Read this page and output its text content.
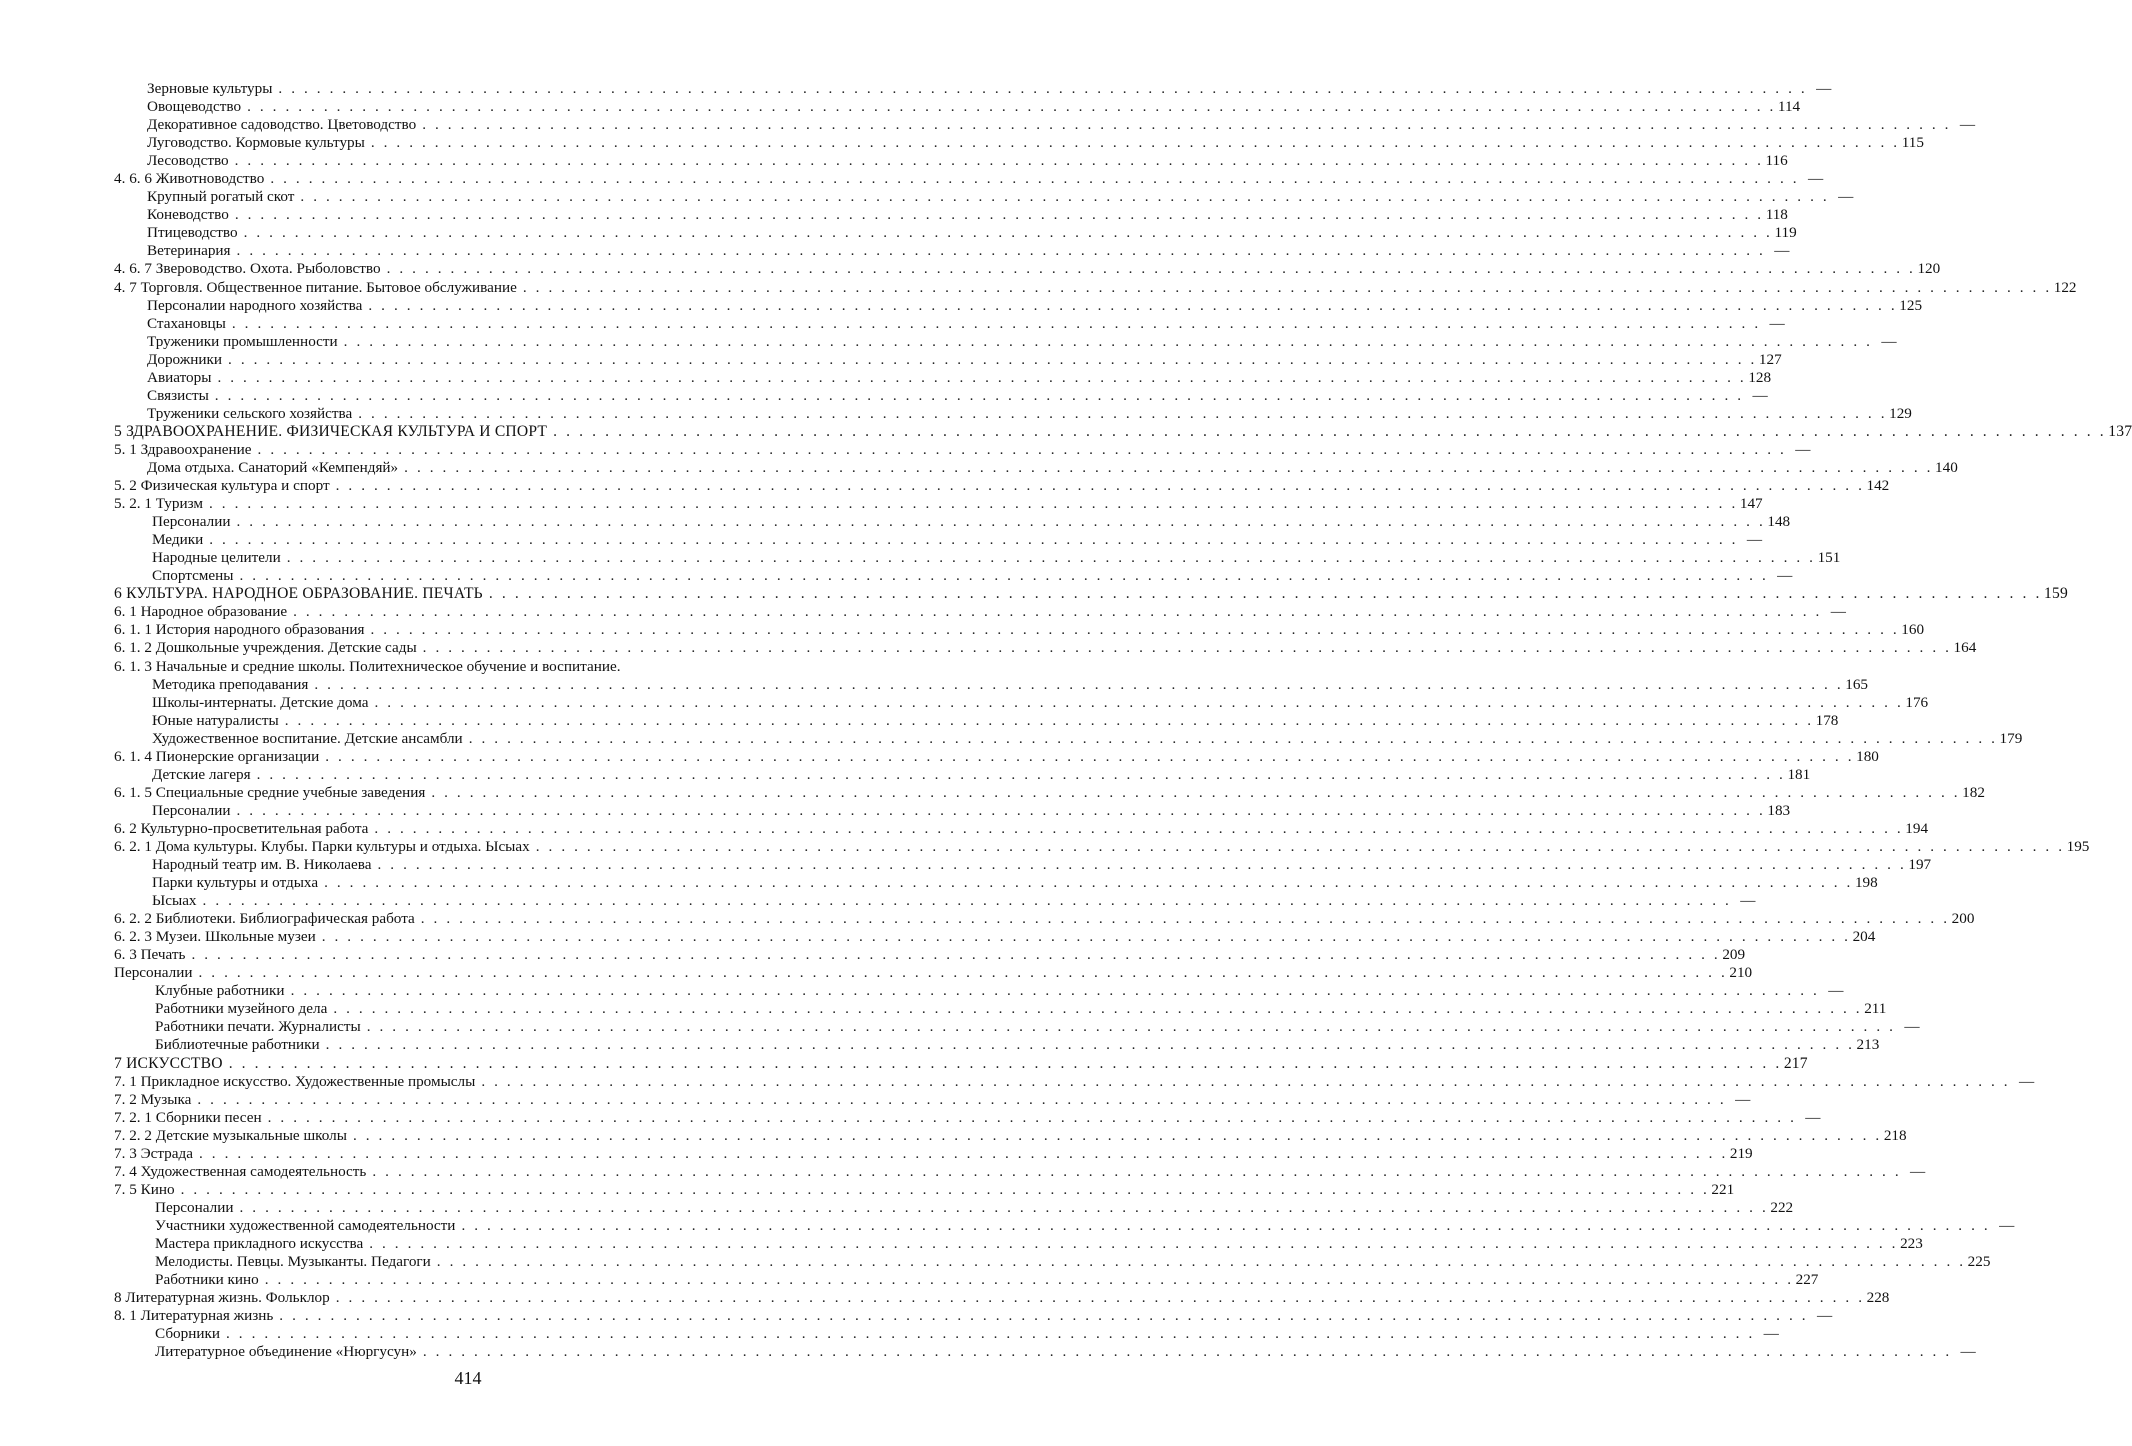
Зерновые культуры . . . . . . . . . . . . . . . . . . . . . . . . . . . . . . . . . . . . . . . . . . . . . . . . . . . . . . . . . . . . . . . . . . . . . . . . . . . . . . . . . . . . . . . . . . . . . . . . . . . . . . . . . . . . . . . . . . . . . . . . —
Овощеводство . . . . . . . . . . . . . . . . . . . . . . . . . . . . . . . . . . . . . . . . . . . . . . . . . . . . . . . . . . . . . . . . . . . . . . . . . . . . . . . . . . . . . . . . . . . . . . . . . . . . . . . . . . . . . . . . . . . . . . . . 114
Декоративное садоводство. Цветоводство . . . . . . . . . . . . . . . . . . . . . . . . . . . . . . . . . . . . . . . . . . . . . . . . . . . . . . . . . . . . . . . . . . . . . . . . . . . . . . . . . . . . . . . . . . . . . . . . . . . . . . . . . . . . . . . . . . . . . . . . —
Луговодство. Кормовые культуры . . . . . . . . . . . . . . . . . . . . . . . . . . . . . . . . . . . . . . . . . . . . . . . . . . . . . . . . . . . . . . . . . . . . . . . . . . . . . . . . . . . . . . . . . . . . . . . . . . . . . . . . . . . . . . . . . . . . . . . . 115
Лесоводство . . . . . . . . . . . . . . . . . . . . . . . . . . . . . . . . . . . . . . . . . . . . . . . . . . . . . . . . . . . . . . . . . . . . . . . . . . . . . . . . . . . . . . . . . . . . . . . . . . . . . . . . . . . . . . . . . . . . . . . . 116
4. 6. 6 Животноводство . . . . . . . . . . . . . . . . . . . . . . . . . . . . . . . . . . . . . . . . . . . . . . . . . . . . . . . . . . . . . . . . . . . . . . . . . . . . . . . . . . . . . . . . . . . . . . . . . . . . . . . . . . . . . . . . . . . . . . . . —
Крупный рогатый скот . . . . . . . . . . . . . . . . . . . . . . . . . . . . . . . . . . . . . . . . . . . . . . . . . . . . . . . . . . . . . . . . . . . . . . . . . . . . . . . . . . . . . . . . . . . . . . . . . . . . . . . . . . . . . . . . . . . . . . . . —
Коневодство . . . . . . . . . . . . . . . . . . . . . . . . . . . . . . . . . . . . . . . . . . . . . . . . . . . . . . . . . . . . . . . . . . . . . . . . . . . . . . . . . . . . . . . . . . . . . . . . . . . . . . . . . . . . . . . . . . . . . . . . 118
Птицеводство . . . . . . . . . . . . . . . . . . . . . . . . . . . . . . . . . . . . . . . . . . . . . . . . . . . . . . . . . . . . . . . . . . . . . . . . . . . . . . . . . . . . . . . . . . . . . . . . . . . . . . . . . . . . . . . . . . . . . . . . 119
Ветеринария . . . . . . . . . . . . . . . . . . . . . . . . . . . . . . . . . . . . . . . . . . . . . . . . . . . . . . . . . . . . . . . . . . . . . . . . . . . . . . . . . . . . . . . . . . . . . . . . . . . . . . . . . . . . . . . . . . . . . . . . —
4. 6. 7 Звероводство. Охота. Рыболовство . . . . . . . . . . . . . . . . . . . . . . . . . . . . . . . . . . . . . . . . . . . . . . . . . . . . . . . . . . . . . . . . . . . . . . . . . . . . . . . . . . . . . . . . . . . . . . . . . . . . . . . . . . . . . . . . . . . . . . . . 120
4. 7 Торговля. Общественное питание. Бытовое обслуживание . . . . . . . . . . . . . . . . . . . . . . . . . . . . . . . . . . . . . . . . . . . . . . . . . . . . . . . . . . . . . . . . . . . . . . . . . . . . . . . . . . . . . . . . . . . . . . . . . . . . . . . . . . . . . . . . . . . . . . . . 122
Персоналии народного хозяйства . . . . . . . . . . . . . . . . . . . . . . . . . . . . . . . . . . . . . . . . . . . . . . . . . . . . . . . . . . . . . . . . . . . . . . . . . . . . . . . . . . . . . . . . . . . . . . . . . . . . . . . . . . . . . . . . . . . . . . . . 125
Стахановцы . . . . . . . . . . . . . . . . . . . . . . . . . . . . . . . . . . . . . . . . . . . . . . . . . . . . . . . . . . . . . . . . . . . . . . . . . . . . . . . . . . . . . . . . . . . . . . . . . . . . . . . . . . . . . . . . . . . . . . . . —
Труженики промышленности . . . . . . . . . . . . . . . . . . . . . . . . . . . . . . . . . . . . . . . . . . . . . . . . . . . . . . . . . . . . . . . . . . . . . . . . . . . . . . . . . . . . . . . . . . . . . . . . . . . . . . . . . . . . . . . . . . . . . . . . —
Дорожники . . . . . . . . . . . . . . . . . . . . . . . . . . . . . . . . . . . . . . . . . . . . . . . . . . . . . . . . . . . . . . . . . . . . . . . . . . . . . . . . . . . . . . . . . . . . . . . . . . . . . . . . . . . . . . . . . . . . . . . . 127
Авиаторы . . . . . . . . . . . . . . . . . . . . . . . . . . . . . . . . . . . . . . . . . . . . . . . . . . . . . . . . . . . . . . . . . . . . . . . . . . . . . . . . . . . . . . . . . . . . . . . . . . . . . . . . . . . . . . . . . . . . . . . . 128
Связисты . . . . . . . . . . . . . . . . . . . . . . . . . . . . . . . . . . . . . . . . . . . . . . . . . . . . . . . . . . . . . . . . . . . . . . . . . . . . . . . . . . . . . . . . . . . . . . . . . . . . . . . . . . . . . . . . . . . . . . . . —
Труженики сельского хозяйства . . . . . . . . . . . . . . . . . . . . . . . . . . . . . . . . . . . . . . . . . . . . . . . . . . . . . . . . . . . . . . . . . . . . . . . . . . . . . . . . . . . . . . . . . . . . . . . . . . . . . . . . . . . . . . . . . . . . . . . . 129
5 ЗДРАВООХРАНЕНИЕ. ФИЗИЧЕСКАЯ КУЛЬТУРА И СПОРТ . . . . . . . . . . . . . . . . . . . . . . . . . . . . . . . . . . . . . . . . . . . . . . . . . . . . . . . . . . . . . . . . . . . . . . . . . . . . . . . . . . . . . . . . . . . . . . . . . . . . . . . . . . . . . . . . . . . . . . . . 137
5. 1 Здравоохранение . . . . . . . . . . . . . . . . . . . . . . . . . . . . . . . . . . . . . . . . . . . . . . . . . . . . . . . . . . . . . . . . . . . . . . . . . . . . . . . . . . . . . . . . . . . . . . . . . . . . . . . . . . . . . . . . . . . . . . . . —
Дома отдыха. Санаторий «Кемпендяй» . . . . . . . . . . . . . . . . . . . . . . . . . . . . . . . . . . . . . . . . . . . . . . . . . . . . . . . . . . . . . . . . . . . . . . . . . . . . . . . . . . . . . . . . . . . . . . . . . . . . . . . . . . . . . . . . . . . . . . . . 140
5. 2 Физическая культура и спорт . . . . . . . . . . . . . . . . . . . . . . . . . . . . . . . . . . . . . . . . . . . . . . . . . . . . . . . . . . . . . . . . . . . . . . . . . . . . . . . . . . . . . . . . . . . . . . . . . . . . . . . . . . . . . . . . . . . . . . . . 142
5. 2. 1 Туризм . . . . . . . . . . . . . . . . . . . . . . . . . . . . . . . . . . . . . . . . . . . . . . . . . . . . . . . . . . . . . . . . . . . . . . . . . . . . . . . . . . . . . . . . . . . . . . . . . . . . . . . . . . . . . . . . . . . . . . . . 147
Персоналии . . . . . . . . . . . . . . . . . . . . . . . . . . . . . . . . . . . . . . . . . . . . . . . . . . . . . . . . . . . . . . . . . . . . . . . . . . . . . . . . . . . . . . . . . . . . . . . . . . . . . . . . . . . . . . . . . . . . . . . . 148
Медики . . . . . . . . . . . . . . . . . . . . . . . . . . . . . . . . . . . . . . . . . . . . . . . . . . . . . . . . . . . . . . . . . . . . . . . . . . . . . . . . . . . . . . . . . . . . . . . . . . . . . . . . . . . . . . . . . . . . . . . . —
Народные целители . . . . . . . . . . . . . . . . . . . . . . . . . . . . . . . . . . . . . . . . . . . . . . . . . . . . . . . . . . . . . . . . . . . . . . . . . . . . . . . . . . . . . . . . . . . . . . . . . . . . . . . . . . . . . . . . . . . . . . . . 151
Спортсмены . . . . . . . . . . . . . . . . . . . . . . . . . . . . . . . . . . . . . . . . . . . . . . . . . . . . . . . . . . . . . . . . . . . . . . . . . . . . . . . . . . . . . . . . . . . . . . . . . . . . . . . . . . . . . . . . . . . . . . . . —
6 КУЛЬТУРА. НАРОДНОЕ ОБРАЗОВАНИЕ. ПЕЧАТЬ . . . . . . . . . . . . . . . . . . . . . . . . . . . . . . . . . . . . . . . . . . . . . . . . . . . . . . . . . . . . . . . . . . . . . . . . . . . . . . . . . . . . . . . . . . . . . . . . . . . . . . . . . . . . . . . . . . . . . . . . 159
6. 1 Народное образование . . . . . . . . . . . . . . . . . . . . . . . . . . . . . . . . . . . . . . . . . . . . . . . . . . . . . . . . . . . . . . . . . . . . . . . . . . . . . . . . . . . . . . . . . . . . . . . . . . . . . . . . . . . . . . . . . . . . . . . . —
6. 1. 1 История народного образования . . . . . . . . . . . . . . . . . . . . . . . . . . . . . . . . . . . . . . . . . . . . . . . . . . . . . . . . . . . . . . . . . . . . . . . . . . . . . . . . . . . . . . . . . . . . . . . . . . . . . . . . . . . . . . . . . . . . . . . . 160
6. 1. 2 Дошкольные учреждения. Детские сады . . . . . . . . . . . . . . . . . . . . . . . . . . . . . . . . . . . . . . . . . . . . . . . . . . . . . . . . . . . . . . . . . . . . . . . . . . . . . . . . . . . . . . . . . . . . . . . . . . . . . . . . . . . . . . . . . . . . . . . . 164
6. 1. 3 Начальные и средние школы. Политехническое обучение и воспитание.
Методика преподавания . . . . . . . . . . . . . . . . . . . . . . . . . . . . . . . . . . . . . . . . . . . . . . . . . . . . . . . . . . . . . . . . . . . . . . . . . . . . . . . . . . . . . . . . . . . . . . . . . . . . . . . . . . . . . . . . . . . . . . . . 165
Школы-интернаты. Детские дома . . . . . . . . . . . . . . . . . . . . . . . . . . . . . . . . . . . . . . . . . . . . . . . . . . . . . . . . . . . . . . . . . . . . . . . . . . . . . . . . . . . . . . . . . . . . . . . . . . . . . . . . . . . . . . . . . . . . . . . . 176
Юные натуралисты . . . . . . . . . . . . . . . . . . . . . . . . . . . . . . . . . . . . . . . . . . . . . . . . . . . . . . . . . . . . . . . . . . . . . . . . . . . . . . . . . . . . . . . . . . . . . . . . . . . . . . . . . . . . . . . . . . . . . . . . 178
Художественное воспитание. Детские ансамбли . . . . . . . . . . . . . . . . . . . . . . . . . . . . . . . . . . . . . . . . . . . . . . . . . . . . . . . . . . . . . . . . . . . . . . . . . . . . . . . . . . . . . . . . . . . . . . . . . . . . . . . . . . . . . . . . . . . . . . . . 179
6. 1. 4 Пионерские организации . . . . . . . . . . . . . . . . . . . . . . . . . . . . . . . . . . . . . . . . . . . . . . . . . . . . . . . . . . . . . . . . . . . . . . . . . . . . . . . . . . . . . . . . . . . . . . . . . . . . . . . . . . . . . . . . . . . . . . . . 180
Детские лагеря . . . . . . . . . . . . . . . . . . . . . . . . . . . . . . . . . . . . . . . . . . . . . . . . . . . . . . . . . . . . . . . . . . . . . . . . . . . . . . . . . . . . . . . . . . . . . . . . . . . . . . . . . . . . . . . . . . . . . . . . 181
6. 1. 5 Специальные средние учебные заведения . . . . . . . . . . . . . . . . . . . . . . . . . . . . . . . . . . . . . . . . . . . . . . . . . . . . . . . . . . . . . . . . . . . . . . . . . . . . . . . . . . . . . . . . . . . . . . . . . . . . . . . . . . . . . . . . . . . . . . . . 182
Персоналии . . . . . . . . . . . . . . . . . . . . . . . . . . . . . . . . . . . . . . . . . . . . . . . . . . . . . . . . . . . . . . . . . . . . . . . . . . . . . . . . . . . . . . . . . . . . . . . . . . . . . . . . . . . . . . . . . . . . . . . . 183
6. 2 Культурно-просветительная работа . . . . . . . . . . . . . . . . . . . . . . . . . . . . . . . . . . . . . . . . . . . . . . . . . . . . . . . . . . . . . . . . . . . . . . . . . . . . . . . . . . . . . . . . . . . . . . . . . . . . . . . . . . . . . . . . . . . . . . . . 194
6. 2. 1 Дома культуры. Клубы. Парки культуры и отдыха. Ысыах . . . . . . . . . . . . . . . . . . . . . . . . . . . . . . . . . . . . . . . . . . . . . . . . . . . . . . . . . . . . . . . . . . . . . . . . . . . . . . . . . . . . . . . . . . . . . . . . . . . . . . . . . . . . . . . . . . . . . . . . 195
Народный театр им. В. Николаева . . . . . . . . . . . . . . . . . . . . . . . . . . . . . . . . . . . . . . . . . . . . . . . . . . . . . . . . . . . . . . . . . . . . . . . . . . . . . . . . . . . . . . . . . . . . . . . . . . . . . . . . . . . . . . . . . . . . . . . . 197
Парки культуры и отдыха . . . . . . . . . . . . . . . . . . . . . . . . . . . . . . . . . . . . . . . . . . . . . . . . . . . . . . . . . . . . . . . . . . . . . . . . . . . . . . . . . . . . . . . . . . . . . . . . . . . . . . . . . . . . . . . . . . . . . . . . 198
Ысыах . . . . . . . . . . . . . . . . . . . . . . . . . . . . . . . . . . . . . . . . . . . . . . . . . . . . . . . . . . . . . . . . . . . . . . . . . . . . . . . . . . . . . . . . . . . . . . . . . . . . . . . . . . . . . . . . . . . . . . . . —
6. 2. 2 Библиотеки. Библиографическая работа . . . . . . . . . . . . . . . . . . . . . . . . . . . . . . . . . . . . . . . . . . . . . . . . . . . . . . . . . . . . . . . . . . . . . . . . . . . . . . . . . . . . . . . . . . . . . . . . . . . . . . . . . . . . . . . . . . . . . . . . 200
6. 2. 3 Музеи. Школьные музеи . . . . . . . . . . . . . . . . . . . . . . . . . . . . . . . . . . . . . . . . . . . . . . . . . . . . . . . . . . . . . . . . . . . . . . . . . . . . . . . . . . . . . . . . . . . . . . . . . . . . . . . . . . . . . . . . . . . . . . . . 204
6. 3 Печать . . . . . . . . . . . . . . . . . . . . . . . . . . . . . . . . . . . . . . . . . . . . . . . . . . . . . . . . . . . . . . . . . . . . . . . . . . . . . . . . . . . . . . . . . . . . . . . . . . . . . . . . . . . . . . . . . . . . . . . . 209
Персоналии . . . . . . . . . . . . . . . . . . . . . . . . . . . . . . . . . . . . . . . . . . . . . . . . . . . . . . . . . . . . . . . . . . . . . . . . . . . . . . . . . . . . . . . . . . . . . . . . . . . . . . . . . . . . . . . . . . . . . . . . 210
Клубные работники . . . . . . . . . . . . . . . . . . . . . . . . . . . . . . . . . . . . . . . . . . . . . . . . . . . . . . . . . . . . . . . . . . . . . . . . . . . . . . . . . . . . . . . . . . . . . . . . . . . . . . . . . . . . . . . . . . . . . . . . —
Работники музейного дела . . . . . . . . . . . . . . . . . . . . . . . . . . . . . . . . . . . . . . . . . . . . . . . . . . . . . . . . . . . . . . . . . . . . . . . . . . . . . . . . . . . . . . . . . . . . . . . . . . . . . . . . . . . . . . . . . . . . . . . . 211
Работники печати. Журналисты . . . . . . . . . . . . . . . . . . . . . . . . . . . . . . . . . . . . . . . . . . . . . . . . . . . . . . . . . . . . . . . . . . . . . . . . . . . . . . . . . . . . . . . . . . . . . . . . . . . . . . . . . . . . . . . . . . . . . . . . —
Библиотечные работники . . . . . . . . . . . . . . . . . . . . . . . . . . . . . . . . . . . . . . . . . . . . . . . . . . . . . . . . . . . . . . . . . . . . . . . . . . . . . . . . . . . . . . . . . . . . . . . . . . . . . . . . . . . . . . . . . . . . . . . . 213
7 ИСКУССТВО . . . . . . . . . . . . . . . . . . . . . . . . . . . . . . . . . . . . . . . . . . . . . . . . . . . . . . . . . . . . . . . . . . . . . . . . . . . . . . . . . . . . . . . . . . . . . . . . . . . . . . . . . . . . . . . . . . . . . . . . 217
7. 1 Прикладное искусство. Художественные промыслы . . . . . . . . . . . . . . . . . . . . . . . . . . . . . . . . . . . . . . . . . . . . . . . . . . . . . . . . . . . . . . . . . . . . . . . . . . . . . . . . . . . . . . . . . . . . . . . . . . . . . . . . . . . . . . . . . . . . . . . . —
7. 2 Музыка . . . . . . . . . . . . . . . . . . . . . . . . . . . . . . . . . . . . . . . . . . . . . . . . . . . . . . . . . . . . . . . . . . . . . . . . . . . . . . . . . . . . . . . . . . . . . . . . . . . . . . . . . . . . . . . . . . . . . . . . —
7. 2. 1 Сборники песен . . . . . . . . . . . . . . . . . . . . . . . . . . . . . . . . . . . . . . . . . . . . . . . . . . . . . . . . . . . . . . . . . . . . . . . . . . . . . . . . . . . . . . . . . . . . . . . . . . . . . . . . . . . . . . . . . . . . . . . . —
7. 2. 2 Детские музыкальные школы . . . . . . . . . . . . . . . . . . . . . . . . . . . . . . . . . . . . . . . . . . . . . . . . . . . . . . . . . . . . . . . . . . . . . . . . . . . . . . . . . . . . . . . . . . . . . . . . . . . . . . . . . . . . . . . . . . . . . . . . 218
7. 3 Эстрада . . . . . . . . . . . . . . . . . . . . . . . . . . . . . . . . . . . . . . . . . . . . . . . . . . . . . . . . . . . . . . . . . . . . . . . . . . . . . . . . . . . . . . . . . . . . . . . . . . . . . . . . . . . . . . . . . . . . . . . . 219
7. 4 Художественная самодеятельность . . . . . . . . . . . . . . . . . . . . . . . . . . . . . . . . . . . . . . . . . . . . . . . . . . . . . . . . . . . . . . . . . . . . . . . . . . . . . . . . . . . . . . . . . . . . . . . . . . . . . . . . . . . . . . . . . . . . . . . . —
7. 5 Кино . . . . . . . . . . . . . . . . . . . . . . . . . . . . . . . . . . . . . . . . . . . . . . . . . . . . . . . . . . . . . . . . . . . . . . . . . . . . . . . . . . . . . . . . . . . . . . . . . . . . . . . . . . . . . . . . . . . . . . . . 221
Персоналии . . . . . . . . . . . . . . . . . . . . . . . . . . . . . . . . . . . . . . . . . . . . . . . . . . . . . . . . . . . . . . . . . . . . . . . . . . . . . . . . . . . . . . . . . . . . . . . . . . . . . . . . . . . . . . . . . . . . . . . . 222
Участники художественной самодеятельности . . . . . . . . . . . . . . . . . . . . . . . . . . . . . . . . . . . . . . . . . . . . . . . . . . . . . . . . . . . . . . . . . . . . . . . . . . . . . . . . . . . . . . . . . . . . . . . . . . . . . . . . . . . . . . . . . . . . . . . . —
Мастера прикладного искусства . . . . . . . . . . . . . . . . . . . . . . . . . . . . . . . . . . . . . . . . . . . . . . . . . . . . . . . . . . . . . . . . . . . . . . . . . . . . . . . . . . . . . . . . . . . . . . . . . . . . . . . . . . . . . . . . . . . . . . . . 223
Мелодисты. Певцы. Музыканты. Педагоги . . . . . . . . . . . . . . . . . . . . . . . . . . . . . . . . . . . . . . . . . . . . . . . . . . . . . . . . . . . . . . . . . . . . . . . . . . . . . . . . . . . . . . . . . . . . . . . . . . . . . . . . . . . . . . . . . . . . . . . . 225
Работники кино . . . . . . . . . . . . . . . . . . . . . . . . . . . . . . . . . . . . . . . . . . . . . . . . . . . . . . . . . . . . . . . . . . . . . . . . . . . . . . . . . . . . . . . . . . . . . . . . . . . . . . . . . . . . . . . . . . . . . . . . 227
8 Литературная жизнь. Фольклор . . . . . . . . . . . . . . . . . . . . . . . . . . . . . . . . . . . . . . . . . . . . . . . . . . . . . . . . . . . . . . . . . . . . . . . . . . . . . . . . . . . . . . . . . . . . . . . . . . . . . . . . . . . . . . . . . . . . . . . . 228
8. 1 Литературная жизнь . . . . . . . . . . . . . . . . . . . . . . . . . . . . . . . . . . . . . . . . . . . . . . . . . . . . . . . . . . . . . . . . . . . . . . . . . . . . . . . . . . . . . . . . . . . . . . . . . . . . . . . . . . . . . . . . . . . . . . . . —
Сборники . . . . . . . . . . . . . . . . . . . . . . . . . . . . . . . . . . . . . . . . . . . . . . . . . . . . . . . . . . . . . . . . . . . . . . . . . . . . . . . . . . . . . . . . . . . . . . . . . . . . . . . . . . . . . . . . . . . . . . . . —
Литературное объединение «Нюргусун» . . . . . . . . . . . . . . . . . . . . . . . . . . . . . . . . . . . . . . . . . . . . . . . . . . . . . . . . . . . . . . . . . . . . . . . . . . . . . . . . . . . . . . . . . . . . . . . . . . . . . . . . . . . . . . . . . . . . . . . . —
414
